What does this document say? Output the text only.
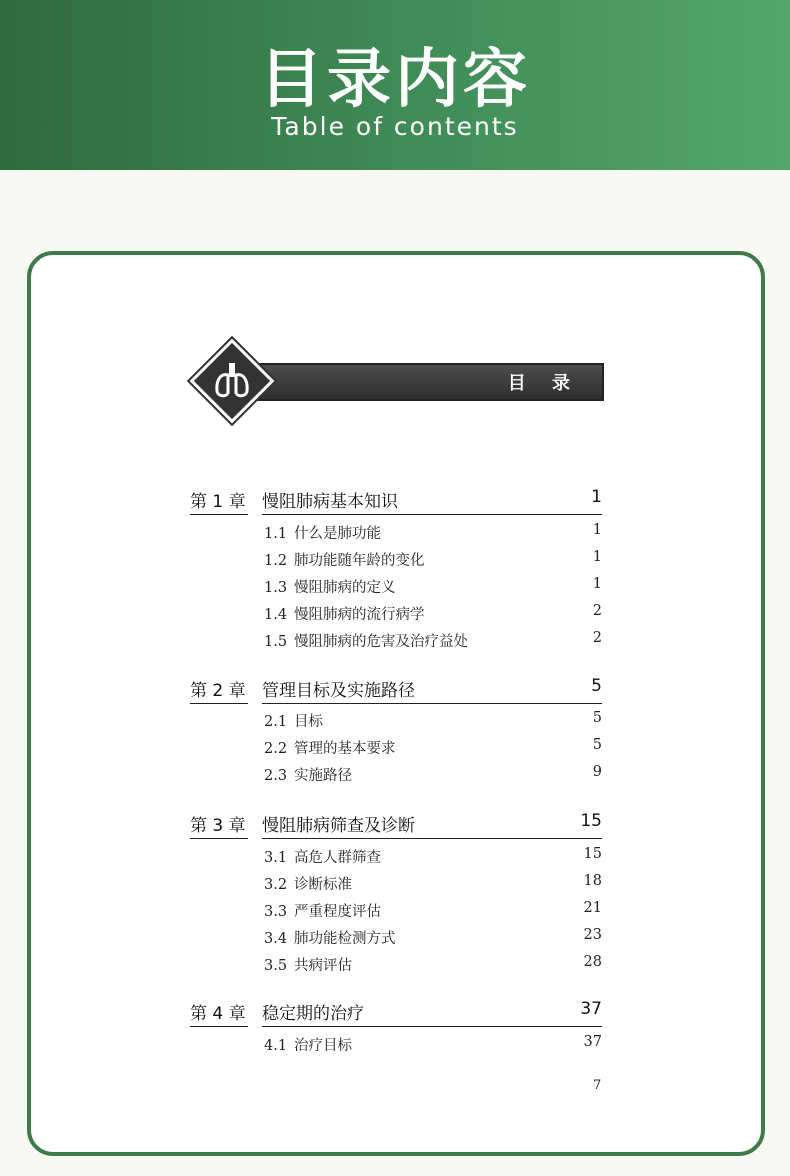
目录内容
Table of contents
目 录
第 1 章 慢阻肺病基本知识	1
1.1 什么是肺功能	1
1.2 肺功能随年龄的变化	1
1.3 慢阻肺病的定义	1
1.4 慢阻肺病的流行病学	2
1.5 慢阻肺病的危害及治疗益处	2
第 2 章 管理目标及实施路径	5
2.1 目标	5
2.2 管理的基本要求	5
2.3 实施路径	9
第 3 章 慢阻肺病筛查及诊断	15
3.1 高危人群筛查	15
3.2 诊断标准	18
3.3 严重程度评估	21
3.4 肺功能检测方式	23
3.5 共病评估	28
第 4 章 稳定期的治疗	37
4.1 治疗目标	37
7
